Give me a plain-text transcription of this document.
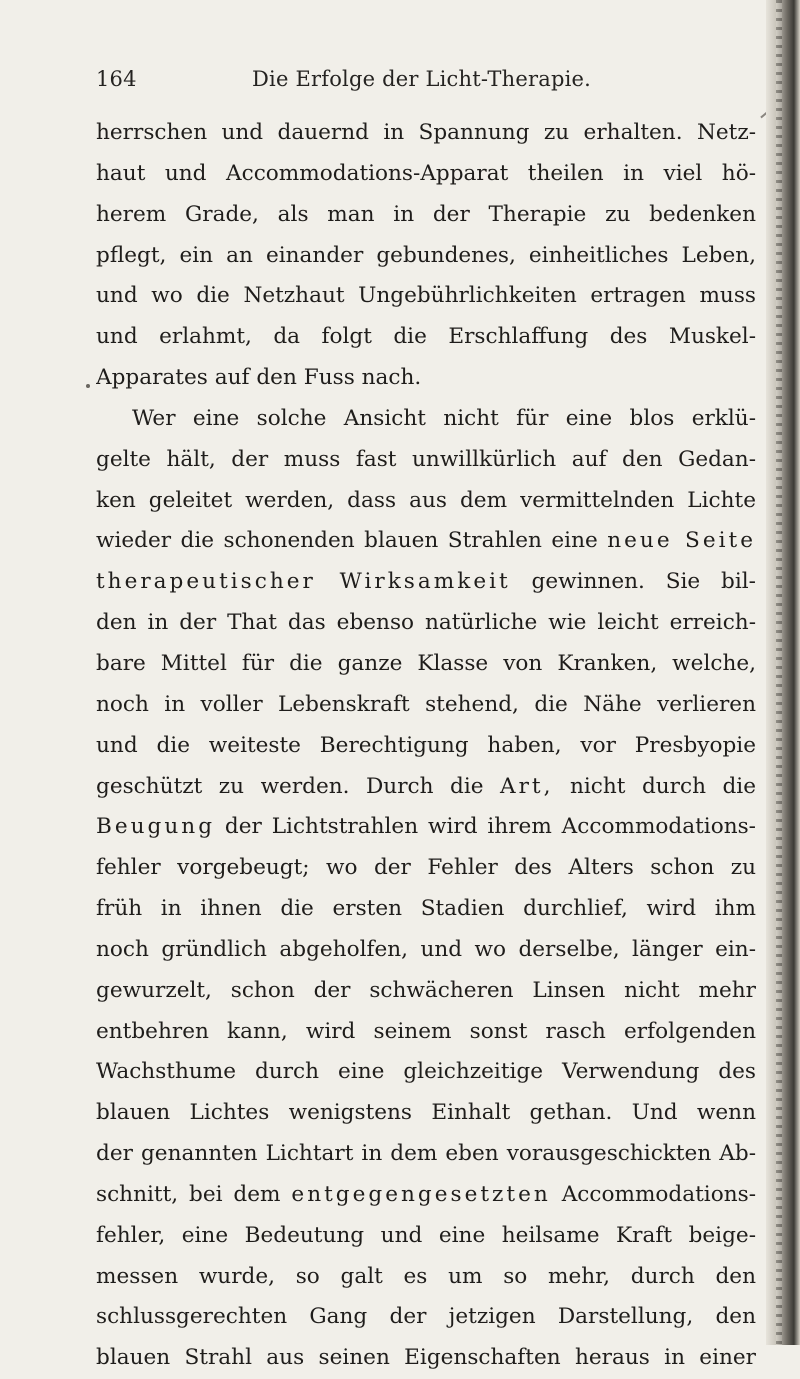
164	Die Erfolge der Licht-Therapie.
herrschen und dauernd in Spannung zu erhalten. Netz-
haut und Accommodations-Apparat theilen in viel hö-
herem Grade, als man in der Therapie zu bedenken
pflegt, ein an einander gebundenes, einheitliches Leben,
und wo die Netzhaut Ungebührlichkeiten ertragen muss
und erlahmt, da folgt die Erschlaffung des Muskel-
Apparates auf den Fuss nach.
Wer eine solche Ansicht nicht für eine blos erklü-
gelte hält, der muss fast unwillkürlich auf den Gedan-
ken geleitet werden, dass aus dem vermittelnden Lichte
wieder die schonenden blauen Strahlen eine neue Seite
therapeutischer Wirksamkeit gewinnen. Sie bil-
den in der That das ebenso natürliche wie leicht erreich-
bare Mittel für die ganze Klasse von Kranken, welche,
noch in voller Lebenskraft stehend, die Nähe verlieren
und die weiteste Berechtigung haben, vor Presbyopie
geschützt zu werden. Durch die Art, nicht durch die
Beugung der Lichtstrahlen wird ihrem Accommodations-
fehler vorgebeugt; wo der Fehler des Alters schon zu
früh in ihnen die ersten Stadien durchlief, wird ihm
noch gründlich abgeholfen, und wo derselbe, länger ein-
gewurzelt, schon der schwächeren Linsen nicht mehr
entbehren kann, wird seinem sonst rasch erfolgenden
Wachsthume durch eine gleichzeitige Verwendung des
blauen Lichtes wenigstens Einhalt gethan. Und wenn
der genannten Lichtart in dem eben vorausgeschickten Ab-
schnitt, bei dem entgegengesetzten Accommodations-
fehler, eine Bedeutung und eine heilsame Kraft beige-
messen wurde, so galt es um so mehr, durch den
schlussgerechten Gang der jetzigen Darstellung, den
blauen Strahl aus seinen Eigenschaften heraus in einer
